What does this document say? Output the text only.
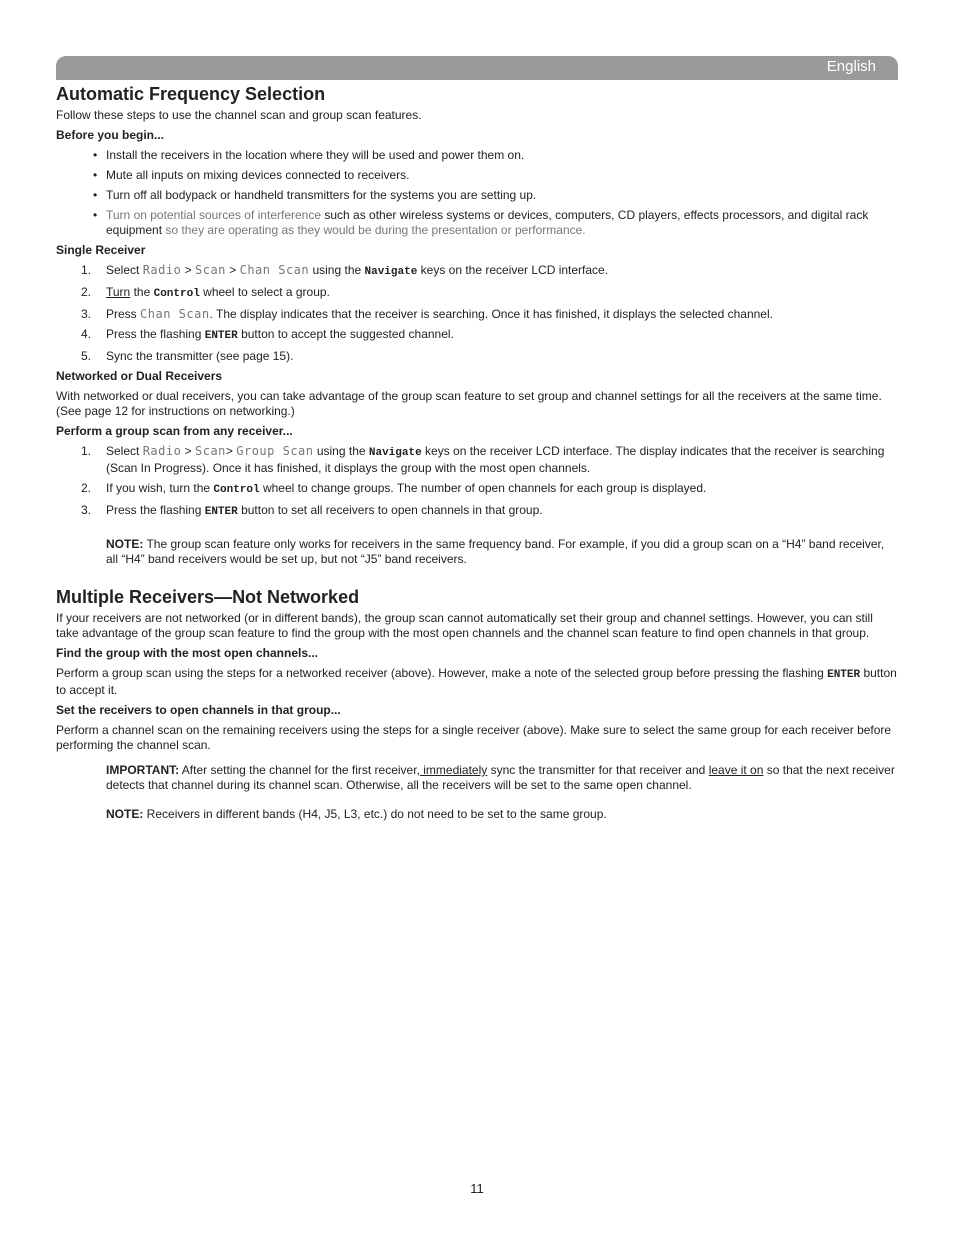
English
Automatic Frequency Selection

Follow these steps to use the channel scan and group scan features.

Before you begin...
• Install the receivers in the location where they will be used and power them on.
• Mute all inputs on mixing devices connected to receivers.
• Turn off all bodypack or handheld transmitters for the systems you are setting up.
• Turn on potential sources of interference such as other wireless systems or devices, computers, CD players, effects processors, and digital rack equipment so they are operating as they would be during the presentation or performance.
Single Receiver
1. Select Radio > Scan > Chan Scan using the Navigate keys on the receiver LCD interface.
2. Turn the Control wheel to select a group.
3. Press Chan Scan. The display indicates that the receiver is searching. Once it has finished, it displays the selected channel.
4. Press the flashing ENTER button to accept the suggested channel.
5. Sync the transmitter (see page 15).
Networked or Dual Receivers

With networked or dual receivers, you can take advantage of the group scan feature to set group and channel settings for all the receivers at the same time. (See page 12 for instructions on networking.)

Perform a group scan from any receiver...
1. Select Radio > Scan> Group Scan using the Navigate keys on the receiver LCD interface. The display indicates that the receiver is searching (Scan In Progress). Once it has finished, it displays the group with the most open channels.
2. If you wish, turn the Control wheel to change groups. The number of open channels for each group is displayed.
3. Press the flashing ENTER button to set all receivers to open channels in that group.

NOTE: The group scan feature only works for receivers in the same frequency band. For example, if you did a group scan on a “H4” band receiver, all “H4” band receivers would be set up, but not “J5” band receivers.

Multiple Receivers—Not Networked

If your receivers are not networked (or in different bands), the group scan cannot automatically set their group and channel settings. However, you can still take advantage of the group scan feature to find the group with the most open channels and the channel scan feature to find open channels in that group.

Find the group with the most open channels...

Perform a group scan using the steps for a networked receiver (above). However, make a note of the selected group before pressing the flashing ENTER button to accept it.

Set the receivers to open channels in that group...

Perform a channel scan on the remaining receivers using the steps for a single receiver (above). Make sure to select the same group for each receiver before performing the channel scan.

IMPORTANT: After setting the channel for the first receiver, immediately sync the transmitter for that receiver and leave it on so that the next receiver detects that channel during its channel scan. Otherwise, all the receivers will be set to the same open channel.

NOTE: Receivers in different bands (H4, J5, L3, etc.) do not need to be set to the same group.

11
